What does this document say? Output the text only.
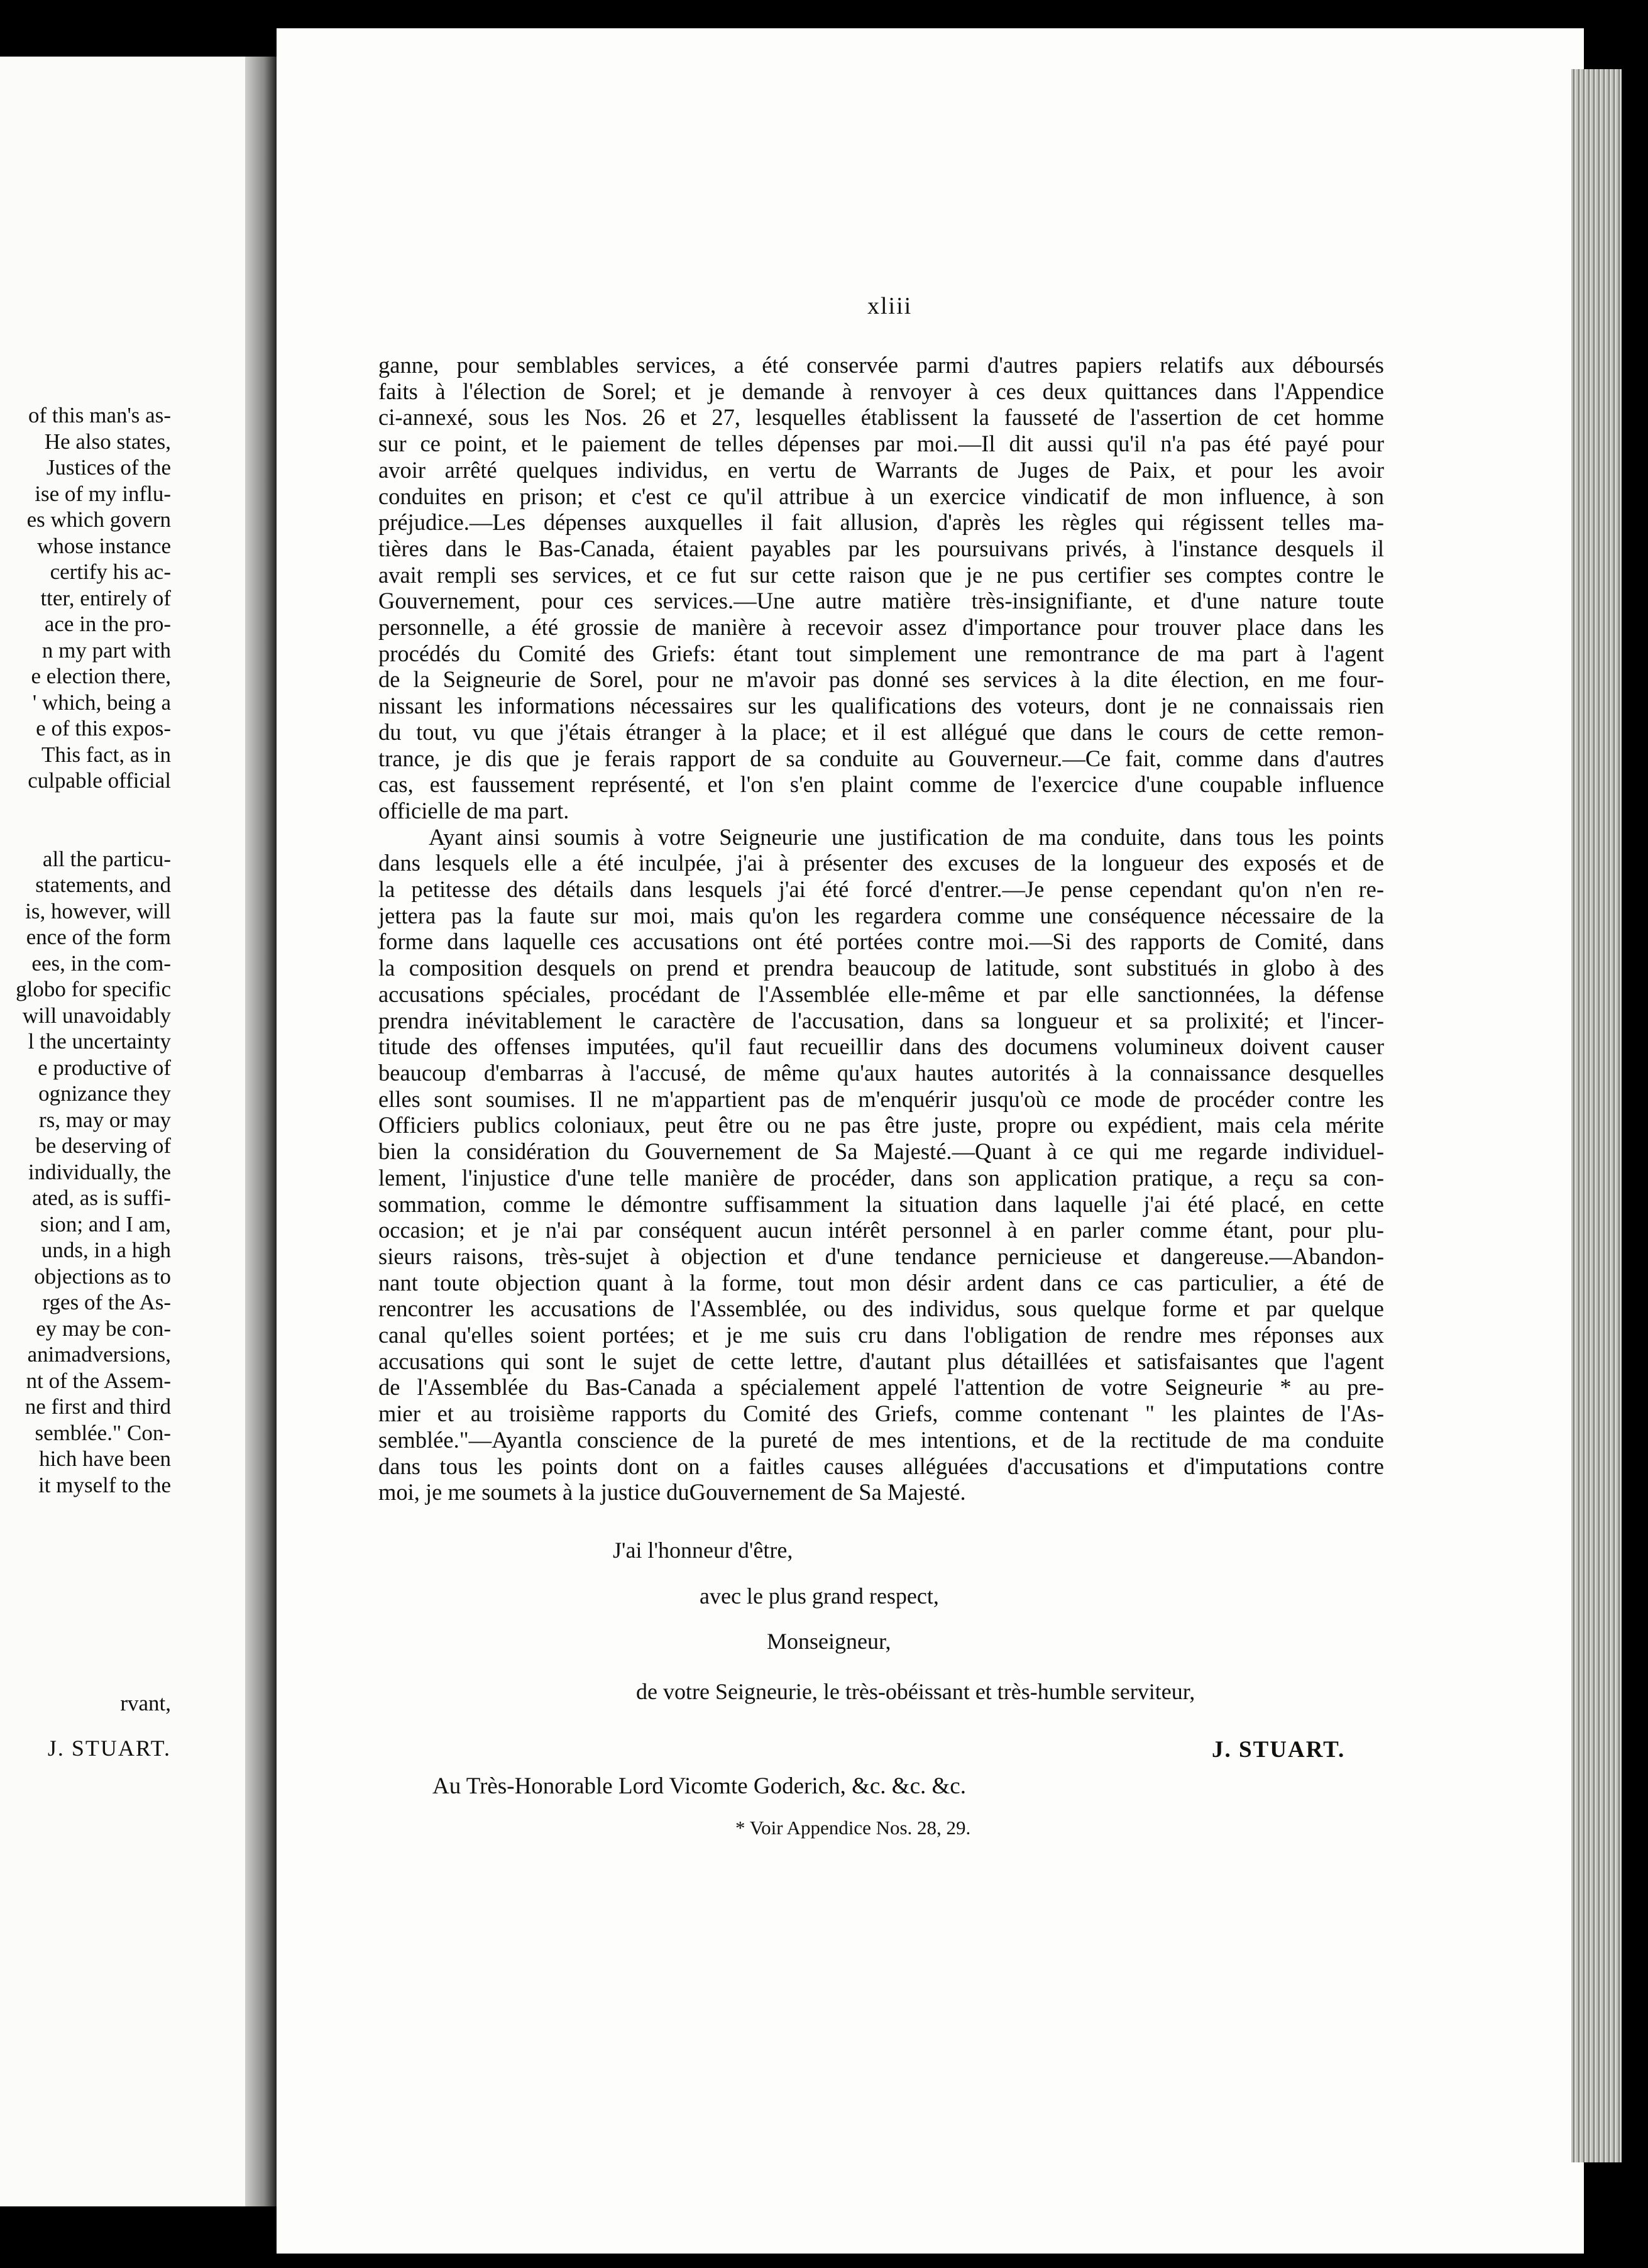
of this man's as-
He also states,
Justices of the
ise of my influ-
es which govern
whose instance
certify his ac-
tter, entirely of
ace in the pro-
n my part with
e election there,
' which, being a
e of this expos-
This fact, as in
culpable official
all the particu-
statements, and
is, however, will
ence of the form
ees, in the com-
globo for specific
will unavoidably
l the uncertainty
e productive of
ognizance they
rs, may or may
be deserving of
individually, the
ated, as is suffi-
sion; and I am,
unds, in a high
objections as to
rges of the As-
ey may be con-
animadversions,
nt of the Assem-
ne first and third
semblée." Con-
hich have been
it myself to the
rvant,
J. STUART.
xliii
ganne, pour semblables services, a été conservée parmi d'autres papiers relatifs aux déboursés
faits à l'élection de Sorel; et je demande à renvoyer à ces deux quittances dans l'Appendice
ci-annexé, sous les Nos. 26 et 27, lesquelles établissent la fausseté de l'assertion de cet homme
sur ce point, et le paiement de telles dépenses par moi.—Il dit aussi qu'il n'a pas été payé pour
avoir arrêté quelques individus, en vertu de Warrants de Juges de Paix, et pour les avoir
conduites en prison; et c'est ce qu'il attribue à un exercice vindicatif de mon influence, à son
préjudice.—Les dépenses auxquelles il fait allusion, d'après les règles qui régissent telles ma-
tières dans le Bas-Canada, étaient payables par les poursuivans privés, à l'instance desquels il
avait rempli ses services, et ce fut sur cette raison que je ne pus certifier ses comptes contre le
Gouvernement, pour ces services.—Une autre matière très-insignifiante, et d'une nature toute
personnelle, a été grossie de manière à recevoir assez d'importance pour trouver place dans les
procédés du Comité des Griefs: étant tout simplement une remontrance de ma part à l'agent
de la Seigneurie de Sorel, pour ne m'avoir pas donné ses services à la dite élection, en me four-
nissant les informations nécessaires sur les qualifications des voteurs, dont je ne connaissais rien
du tout, vu que j'étais étranger à la place; et il est allégué que dans le cours de cette remon-
trance, je dis que je ferais rapport de sa conduite au Gouverneur.—Ce fait, comme dans d'autres
cas, est faussement représenté, et l'on s'en plaint comme de l'exercice d'une coupable influence
officielle de ma part.
Ayant ainsi soumis à votre Seigneurie une justification de ma conduite, dans tous les points
dans lesquels elle a été inculpée, j'ai à présenter des excuses de la longueur des exposés et de
la petitesse des détails dans lesquels j'ai été forcé d'entrer.—Je pense cependant qu'on n'en re-
jettera pas la faute sur moi, mais qu'on les regardera comme une conséquence nécessaire de la
forme dans laquelle ces accusations ont été portées contre moi.—Si des rapports de Comité, dans
la composition desquels on prend et prendra beaucoup de latitude, sont substitués in globo à des
accusations spéciales, procédant de l'Assemblée elle-même et par elle sanctionnées, la défense
prendra inévitablement le caractère de l'accusation, dans sa longueur et sa prolixité; et l'incer-
titude des offenses imputées, qu'il faut recueillir dans des documens volumineux doivent causer
beaucoup d'embarras à l'accusé, de même qu'aux hautes autorités à la connaissance desquelles
elles sont soumises. Il ne m'appartient pas de m'enquérir jusqu'où ce mode de procéder contre les
Officiers publics coloniaux, peut être ou ne pas être juste, propre ou expédient, mais cela mérite
bien la considération du Gouvernement de Sa Majesté.—Quant à ce qui me regarde individuel-
lement, l'injustice d'une telle manière de procéder, dans son application pratique, a reçu sa con-
sommation, comme le démontre suffisamment la situation dans laquelle j'ai été placé, en cette
occasion; et je n'ai par conséquent aucun intérêt personnel à en parler comme étant, pour plu-
sieurs raisons, très-sujet à objection et d'une tendance pernicieuse et dangereuse.—Abandon-
nant toute objection quant à la forme, tout mon désir ardent dans ce cas particulier, a été de
rencontrer les accusations de l'Assemblée, ou des individus, sous quelque forme et par quelque
canal qu'elles soient portées; et je me suis cru dans l'obligation de rendre mes réponses aux
accusations qui sont le sujet de cette lettre, d'autant plus détaillées et satisfaisantes que l'agent
de l'Assemblée du Bas-Canada a spécialement appelé l'attention de votre Seigneurie * au pre-
mier et au troisième rapports du Comité des Griefs, comme contenant " les plaintes de l'As-
semblée."—Ayantla conscience de la pureté de mes intentions, et de la rectitude de ma conduite
dans tous les points dont on a faitles causes alléguées d'accusations et d'imputations contre
moi, je me soumets à la justice duGouvernement de Sa Majesté.
J'ai l'honneur d'être,
avec le plus grand respect,
Monseigneur,
de votre Seigneurie, le très-obéissant et très-humble serviteur,
J. STUART.
Au Très-Honorable Lord Vicomte Goderich, &c. &c. &c.
* Voir Appendice Nos. 28, 29.
